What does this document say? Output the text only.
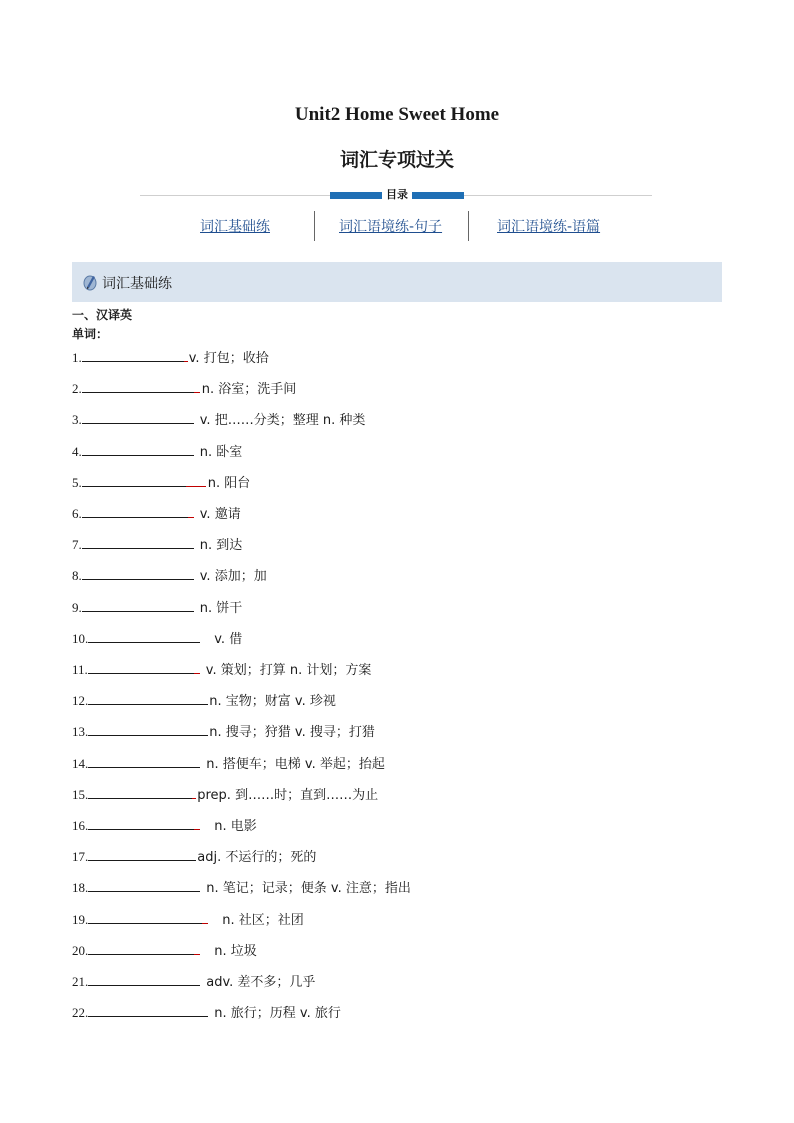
Unit2 Home Sweet Home
词汇专项过关
目录
词汇基础练	词汇语境练-句子	词汇语境练-语篇
词汇基础练
一、汉译英
单词：
1.	v. 打包；收拾
2.	n. 浴室；洗手间
3.	v. 把……分类；整理 n. 种类
4.	n. 卧室
5.	n. 阳台
6.	v. 邀请
7.	n. 到达
8.	v. 添加；加
9.	n. 饼干
10.	v. 借
11.	v. 策划；打算 n. 计划；方案
12.	n. 宝物；财富 v. 珍视
13.	n. 搜寻；狩猎 v. 搜寻；打猎
14.	n. 搭便车；电梯 v. 举起；抬起
15.	prep. 到……时；直到……为止
16.	n. 电影
17.	adj. 不运行的；死的
18.	n. 笔记；记录；便条 v. 注意；指出
19.	n. 社区；社团
20.	n. 垃圾
21.	adv. 差不多；几乎
22.	n. 旅行；历程 v. 旅行
